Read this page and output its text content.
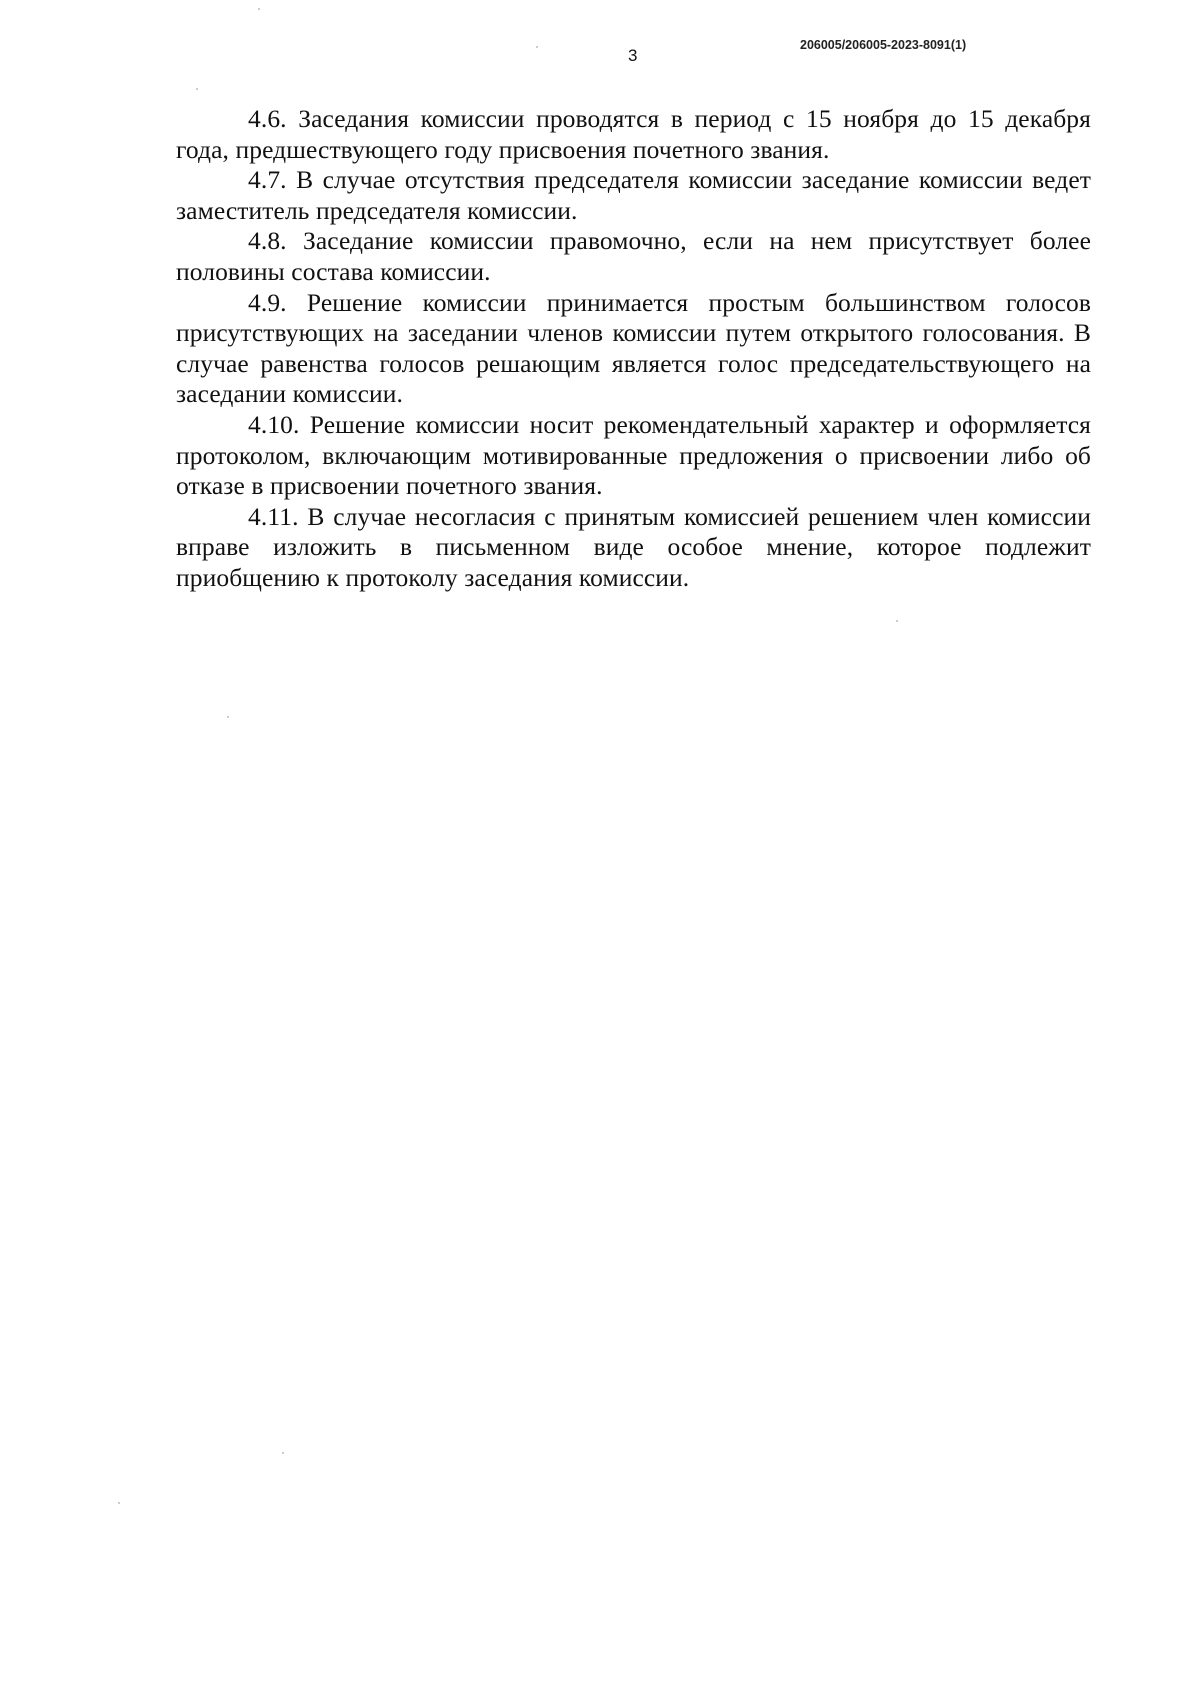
206005/206005-2023-8091(1)
3

4.6. Заседания комиссии проводятся в период с 15 ноября до 15 декабря года, предшествующего году присвоения почетного звания.

4.7. В случае отсутствия председателя комиссии заседание комиссии ведет заместитель председателя комиссии.

4.8. Заседание комиссии правомочно, если на нем присутствует более половины состава комиссии.

4.9. Решение комиссии принимается простым большинством голосов присутствующих на заседании членов комиссии путем открытого голосования. В случае равенства голосов решающим является голос председательствующего на заседании комиссии.

4.10. Решение комиссии носит рекомендательный характер и оформляется протоколом, включающим мотивированные предложения о присвоении либо об отказе в присвоении почетного звания.

4.11. В случае несогласия с принятым комиссией решением член комиссии вправе изложить в письменном виде особое мнение, которое подлежит приобщению к протоколу заседания комиссии.
